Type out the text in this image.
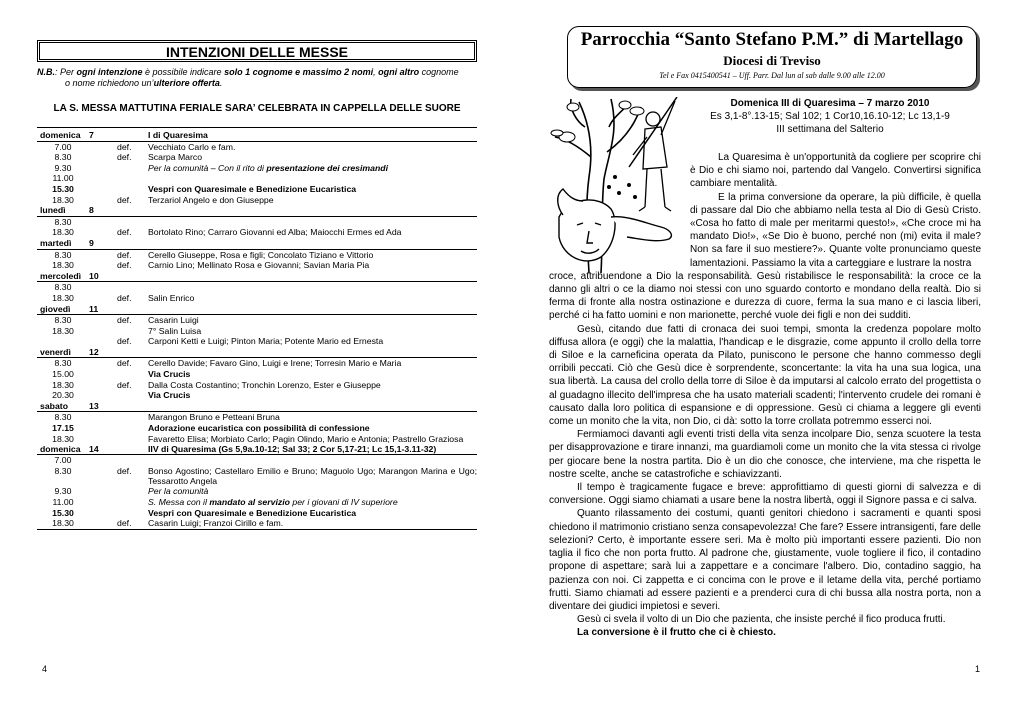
INTENZIONI DELLE MESSE
N.B.: Per ogni intenzione è possibile indicare solo 1 cognome e massimo 2 nomi, ogni altro cognome
o nome richiedono un’ulteriore offerta.
LA S. MESSA MATTUTINA FERIALE SARA’ CELEBRATA IN CAPPELLA DELLE SUORE
domenica 7	I di Quaresima
7.00	def.	Vecchiato Carlo e fam.
8.30	def.	Scarpa Marco
9.30	Per la comunità – Con il rito di presentazione dei cresimandi
11.00
15.30	Vespri con Quaresimale e Benedizione Eucaristica
18.30	def.	Terzariol Angelo e don Giuseppe
lunedì	8
8.30
18.30	def.	Bortolato Rino; Carraro Giovanni ed Alba; Maiocchi Ermes ed Ada
martedì	9
8.30	def.	Cerello Giuseppe, Rosa e figli; Concolato Tiziano e Vittorio
18.30	def.	Carnio Lino; Mellinato Rosa e Giovanni; Savian Maria Pia
mercoledì 10
8.30
18.30	def.	Salin Enrico
giovedì	11
8.30	def.	Casarin Luigi
18.30	7° Salin Luisa
def.	Carponi Ketti e Luigi; Pinton Maria; Potente Mario ed Ernesta
venerdì	12
8.30	def.	Cerello Davide; Favaro Gino, Luigi e Irene; Torresin Mario e Maria
15.00	Via Crucis
18.30	def.	Dalla Costa Costantino; Tronchin Lorenzo, Ester e Giuseppe
20.30	Via Crucis
sabato	13
8.30	Marangon Bruno e Petteani Bruna
17.15	Adorazione eucaristica con possibilità di confessione
18.30	Favaretto Elisa; Morbiato Carlo; Pagin Olindo, Mario e Antonia; Pastrello Graziosa
domenica 14	IIV di Quaresima (Gs 5,9a.10-12; Sal 33; 2 Cor 5,17-21; Lc 15,1-3.11-32)
7.00
8.30	def.	Bonso Agostino; Castellaro Emilio e Bruno; Maguolo Ugo; Marangon Marina e Ugo; Tessarotto Angela
9.30	Per la comunità
11.00	S. Messa con il mandato al servizio per i giovani di IV superiore
15.30	Vespri con Quaresimale e Benedizione Eucaristica
18.30	def.	Casarin Luigi; Franzoi Cirillo e fam.
4
Parrocchia “Santo Stefano P.M.” di Martellago
Diocesi di Treviso
Tel e Fax 0415400541 – Uff. Parr. Dal lun al sab dalle 9.00 alle 12.00
Domenica III di Quaresima – 7 marzo 2010
Es 3,1-8°.13-15; Sal 102; 1 Cor10,16.10-12; Lc 13,1-9
III settimana del Salterio

La Quaresima è un'opportunità da cogliere per scoprire chi è Dio e chi siamo noi, partendo dal Vangelo. Convertirsi significa cambiare mentalità.

E la prima conversione da operare, la più difficile, è quella di passare dal Dio che abbiamo nella testa al Dio di Gesù Cristo. «Cosa ho fatto di male per meritarmi questo!», «Che croce mi ha mandato Dio!», «Se Dio è buono, perché non (mi) evita il male? Non sa fare il suo mestiere?». Quante volte pronunciamo queste lamentazioni. Passiamo la vita a carteggiare e lustrare la nostra
croce, attribuendone a Dio la responsabilità. Gesù ristabilisce le responsabilità: la croce ce la danno gli altri o ce la diamo noi stessi con uno sguardo contorto e mondano della realtà. Dio si ferma di fronte alla nostra ostinazione e durezza di cuore, ferma la sua mano e ci lascia liberi, perché ci ha fatto uomini e non marionette, perché vuole dei figli e non dei sudditi.

Gesù, citando due fatti di cronaca dei suoi tempi, smonta la credenza popolare molto diffusa allora (e oggi) che la malattia, l'handicap e le disgrazie, come appunto il crollo della torre di Siloe e la carneficina operata da Pilato, puniscono le persone che hanno commesso degli orribili peccati. Ciò che Gesù dice è sorprendente, sconcertante: la vita ha una sua logica, una sua libertà. La causa del crollo della torre di Siloe è da imputarsi al calcolo errato del progettista o al guadagno illecito dell'impresa che ha usato materiali scadenti; l'intervento crudele dei romani è causato dalla loro politica di espansione e di oppressione. Gesù ci chiama a leggere gli eventi come un monito che la vita, non Dio, ci dà: sotto la torre crollata potremmo esserci noi.

Fermiamoci davanti agli eventi tristi della vita senza incolpare Dio, senza scuotere la testa per disapprovazione e tirare innanzi, ma guardiamoli come un monito che la vita stessa ci rivolge per giocare bene la nostra partita. Dio è un dio che conosce, che interviene, ma che rispetta le nostre scelte, anche se catastrofiche e schiavizzanti.

Il tempo è tragicamente fugace e breve: approfittiamo di questi giorni di salvezza e di conversione. Oggi siamo chiamati a usare bene la nostra libertà, oggi il Signore passa e ci salva.

Quanto rilassamento dei costumi, quanti genitori chiedono i sacramenti e quanti sposi chiedono il matrimonio cristiano senza consapevolezza! Che fare? Essere intransigenti, fare delle selezioni? Certo, è importante essere seri. Ma è molto più importanti essere pazienti. Dio non taglia il fico che non porta frutto. Al padrone che, giustamente, vuole togliere il fico, il contadino propone di aspettare; sarà lui a zappettare e a concimare l'albero. Dio, contadino saggio, ha pazienza con noi. Ci zappetta e ci concima con le prove e il letame della vita, perché portiamo frutti. Siamo chiamati ad essere pazienti e a prenderci cura di chi bussa alla nostra porta, non a diventare dei giudici impietosi e severi.

Gesù ci svela il volto di un Dio che pazienta, che insiste perché il fico produca frutti.

La conversione è il frutto che ci è chiesto.

1
